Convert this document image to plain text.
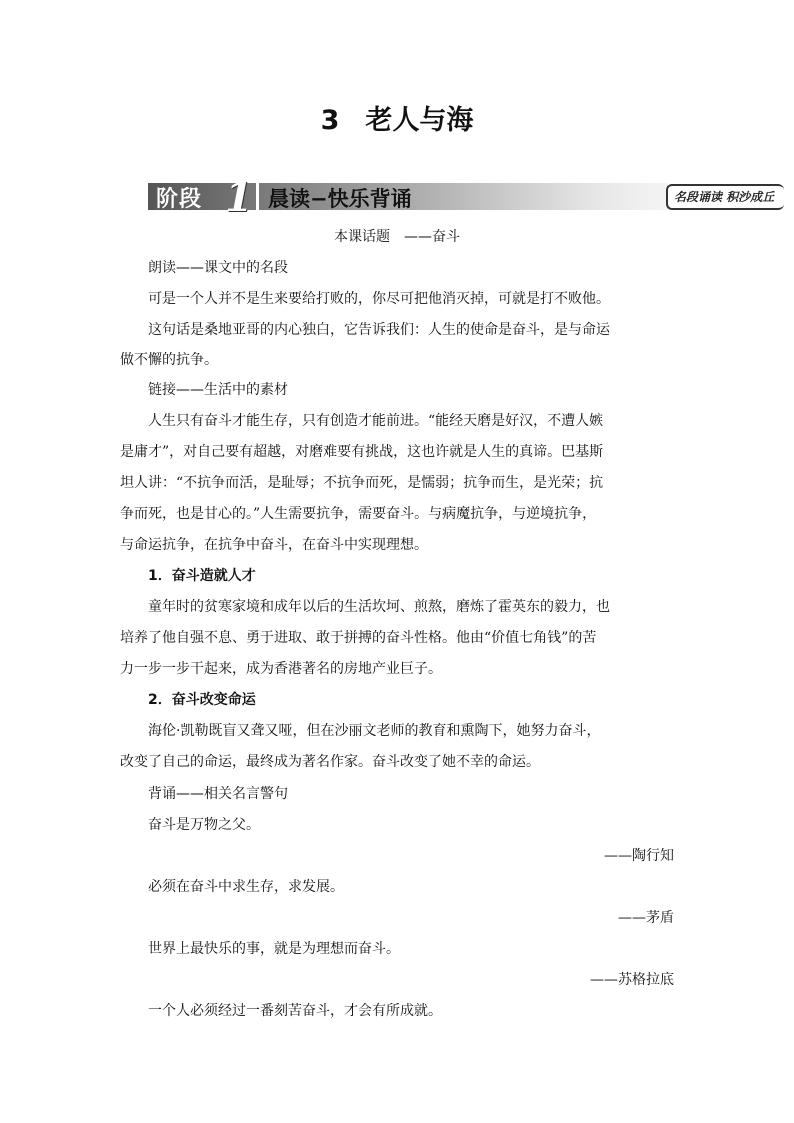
3 老人与海
阶段 1 晨读−快乐背诵	名段诵读 积沙成丘
本课话题　——奋斗
朗读——课文中的名段
可是一个人并不是生来要给打败的，你尽可把他消灭掉，可就是打不败他。
这句话是桑地亚哥的内心独白，它告诉我们：人生的使命是奋斗，是与命运
做不懈的抗争。
链接——生活中的素材
人生只有奋斗才能生存，只有创造才能前进。“能经天磨是好汉，不遭人嫉
是庸才”，对自己要有超越，对磨难要有挑战，这也许就是人生的真谛。巴基斯
坦人讲：“不抗争而活，是耻辱；不抗争而死，是懦弱；抗争而生，是光荣；抗
争而死，也是甘心的。”人生需要抗争，需要奋斗。与病魔抗争，与逆境抗争，
与命运抗争，在抗争中奋斗，在奋斗中实现理想。
1．奋斗造就人才
童年时的贫寒家境和成年以后的生活坎坷、煎熬，磨炼了霍英东的毅力，也
培养了他自强不息、勇于进取、敢于拼搏的奋斗性格。他由“价值七角钱”的苦
力一步一步干起来，成为香港著名的房地产业巨子。
2．奋斗改变命运
海伦·凯勒既盲又聋又哑，但在沙丽文老师的教育和熏陶下，她努力奋斗，
改变了自己的命运，最终成为著名作家。奋斗改变了她不幸的命运。
背诵——相关名言警句
奋斗是万物之父。
——陶行知
必须在奋斗中求生存，求发展。
——茅盾
世界上最快乐的事，就是为理想而奋斗。
——苏格拉底
一个人必须经过一番刻苦奋斗，才会有所成就。
